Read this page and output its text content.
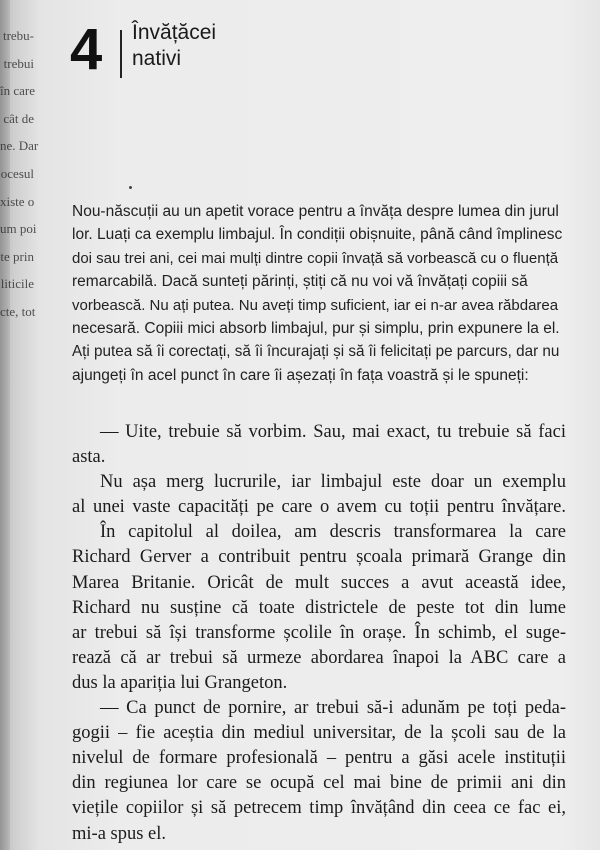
trebu-
trebui
în care
cât de
ne. Dar
ocesul
xiste o
um poi
te prin
liticile
cte, tot
4 Învățăcei
nativi
Nou-născuții au un apetit vorace pentru a învăța despre lumea din jurul
lor. Luați ca exemplu limbajul. În condiții obișnuite, până când împlinesc
doi sau trei ani, cei mai mulți dintre copii învață să vorbească cu o fluență
remarcabilă. Dacă sunteți părinți, știți că nu voi vă învățați copiii să
vorbească. Nu ați putea. Nu aveți timp suficient, iar ei n-ar avea răbdarea
necesară. Copiii mici absorb limbajul, pur și simplu, prin expunere la el.
Ați putea să îi corectați, să îi încurajați și să îi felicitați pe parcurs, dar nu
ajungeți în acel punct în care îi așezați în fața voastră și le spuneți:
— Uite, trebuie să vorbim. Sau, mai exact, tu trebuie să faci
asta.
Nu așa merg lucrurile, iar limbajul este doar un exemplu
al unei vaste capacități pe care o avem cu toții pentru învățare.
În capitolul al doilea, am descris transformarea la care
Richard Gerver a contribuit pentru școala primară Grange din
Marea Britanie. Oricât de mult succes a avut această idee,
Richard nu susține că toate districtele de peste tot din lume
ar trebui să își transforme școlile în orașe. În schimb, el suge-
rează că ar trebui să urmeze abordarea înapoi la ABC care a
dus la apariția lui Grangeton.
— Ca punct de pornire, ar trebui să-i adunăm pe toți peda-
gogii – fie aceștia din mediul universitar, de la școli sau de la
nivelul de formare profesională – pentru a găsi acele instituții
din regiunea lor care se ocupă cel mai bine de primii ani din
viețile copiilor și să petrecem timp învățând din ceea ce fac ei,
mi-a spus el.
